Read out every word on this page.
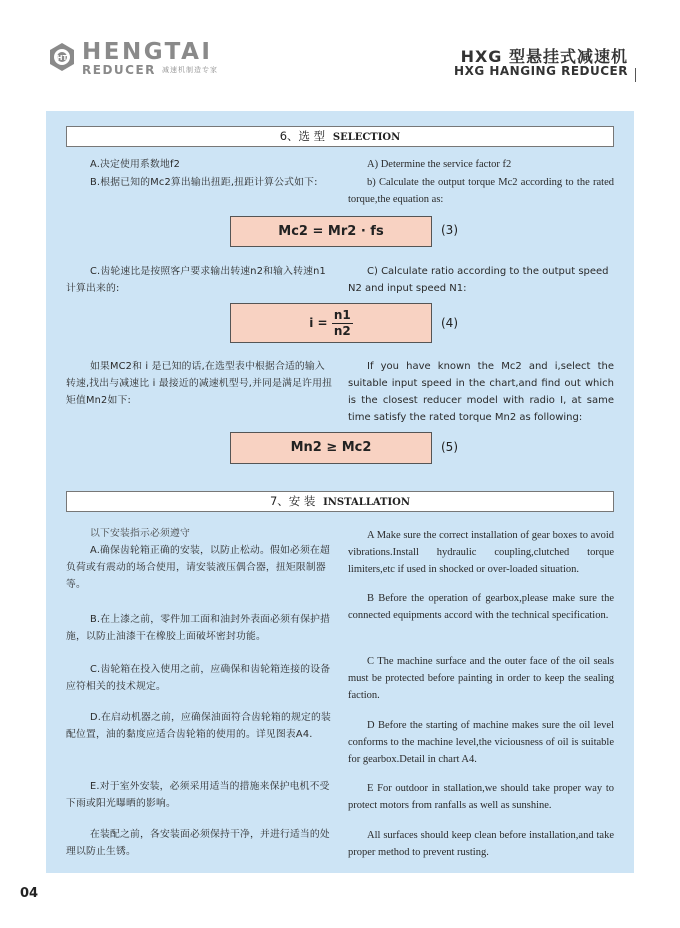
HT HENGTAI
REDUCER 减速机制造专家
HXG 型悬挂式减速机
HXG HANGING REDUCER
6、选 型 SELECTION
A.决定使用系数地f2	A) Determine the service factor f2
B.根据已知的Mc2算出输出扭距,扭距计算公式如下:	b) Calculate the output torque Mc2 according to the rated torque,the equation as:
Mc2 = Mr2 · fs	(3)
C.齿轮速比是按照客户要求输出转速n2和输入转速n1计算出来的:
C) Calculate ratio according to the output speed N2 and input speed N1:
$i = \frac{n1}{n2}$	(4)
如果MC2和 i 是已知的话,在选型表中根据合适的输入转速,找出与减速比 i 最接近的减速机型号,并同是满足许用扭矩值Mn2如下:
If you have known the Mc2 and i,select the suitable input speed in the chart,and find out which is the closest reducer model with radio I, at same time satisfy the rated torque Mn2 as following:
Mn2 ≥ Mc2	(5)
7、安 装 INSTALLATION
以下安装指示必须遵守
A.确保齿轮箱正确的安装，以防止松动。假如必须在超负荷或有震动的场合使用，请安装液压偶合器，扭矩限制器等。
B.在上漆之前，零件加工面和油封外表面必须有保护措施，以防止油漆干在橡胶上面破坏密封功能。
C.齿轮箱在投入使用之前，应确保和齿轮箱连接的设备应符相关的技术规定。
D.在启动机器之前，应确保油面符合齿轮箱的规定的装配位置，油的黏度应适合齿轮箱的使用的。详见图表A4.
E.对于室外安装，必须采用适当的措施来保护电机不受下雨或阳光曝晒的影响。
在装配之前，各安装面必须保持干净，并进行适当的处理以防止生锈。
A Make sure the correct installation of gear boxes to avoid vibrations.Install hydraulic coupling,clutched torque limiters,etc if used in shocked or over-loaded situation.
B Before the operation of gearbox,please make sure the connected equipments accord with the technical specification.
C The machine surface and the outer face of the oil seals must be protected before painting in order to keep the sealing faction.
D Before the starting of machine makes sure the oil level conforms to the machine level,the viciousness of oil is suitable for gearbox.Detail in chart A4.
E For outdoor in stallation,we should take proper way to protect motors from ranfalls as well as sunshine.
All surfaces should keep clean before installation,and take proper method to prevent rusting.
04
